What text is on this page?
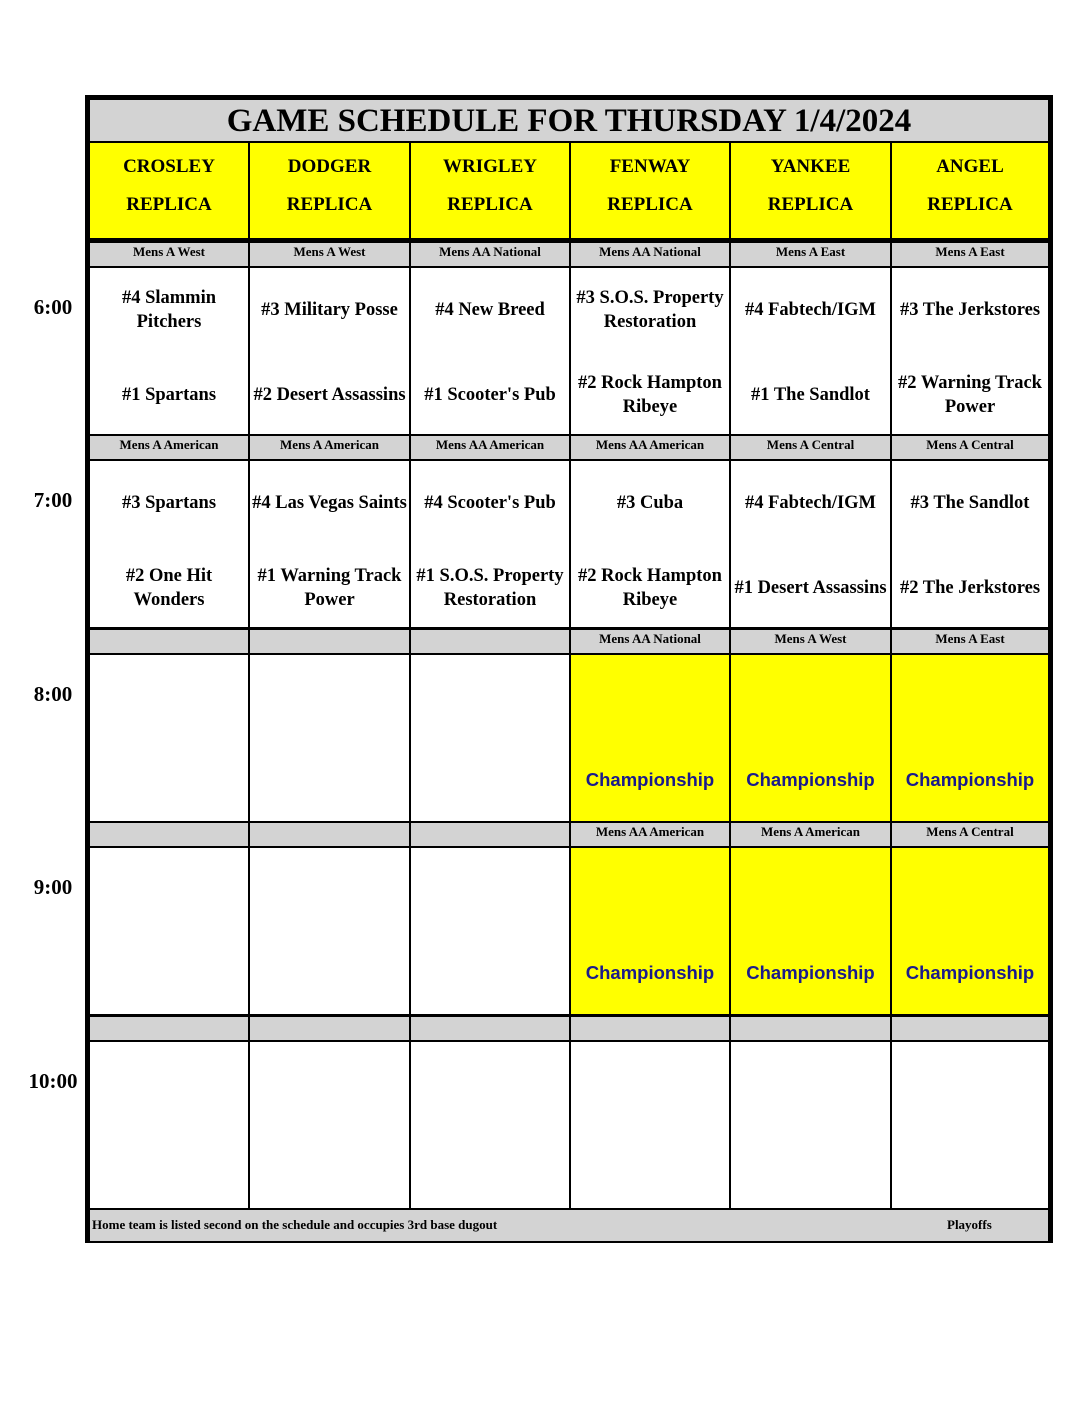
6:00
7:00
8:00
9:00
10:00
GAME SCHEDULE FOR THURSDAY 1/4/2024
CROSLEY
REPLICA
DODGER
REPLICA
WRIGLEY
REPLICA
FENWAY
REPLICA
YANKEE
REPLICA
ANGEL
REPLICA
Mens A West
#4 Slammin Pitchers
#1 Spartans
Mens A West
#3 Military Posse
#2 Desert Assassins
Mens AA National
#4 New Breed
#1 Scooter's Pub
Mens AA National
#3 S.O.S. Property Restoration
#2 Rock Hampton Ribeye
Mens A East
#4 Fabtech/IGM
#1 The Sandlot
Mens A East
#3 The Jerkstores
#2 Warning Track Power
Mens A American
#3 Spartans
#2 One Hit Wonders
Mens A American
#4 Las Vegas Saints
#1 Warning Track Power
Mens AA American
#4 Scooter's Pub
#1 S.O.S. Property Restoration
Mens AA American
#3 Cuba
#2 Rock Hampton Ribeye
Mens A Central
#4 Fabtech/IGM
#1 Desert Assassins
Mens A Central
#3 The Sandlot
#2 The Jerkstores
Mens AA National
Championship
Mens A West
Championship
Mens A East
Championship
Mens AA American
Championship
Mens A American
Championship
Mens A Central
Championship
Home team is listed second on the schedule and occupies 3rd base dugout	Playoffs
